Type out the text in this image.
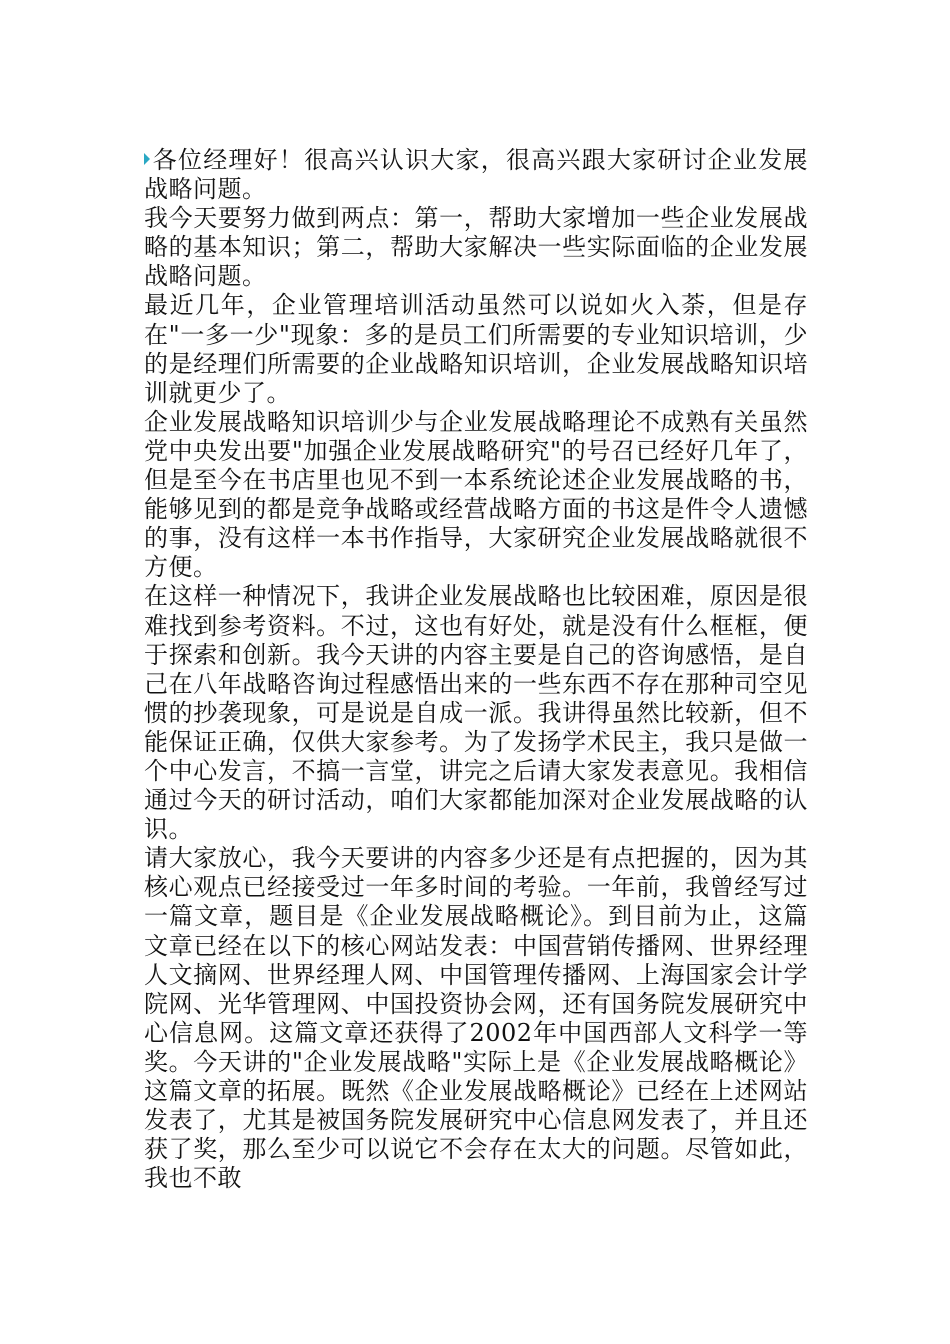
各位经理好！很高兴认识大家，很高兴跟大家研讨企业发展战略问题。

我今天要努力做到两点：第一，帮助大家增加一些企业发展战略的基本知识；第二，帮助大家解决一些实际面临的企业发展战略问题。

最近几年，企业管理培训活动虽然可以说如火入荼，但是存在"一多一少"现象：多的是员工们所需要的专业知识培训，少的是经理们所需要的企业战略知识培训，企业发展战略知识培训就更少了。

企业发展战略知识培训少与企业发展战略理论不成熟有关虽然党中央发出要"加强企业发展战略研究"的号召已经好几年了，但是至今在书店里也见不到一本系统论述企业发展战略的书，能够见到的都是竞争战略或经营战略方面的书这是件令人遗憾的事，没有这样一本书作指导，大家研究企业发展战略就很不方便。

在这样一种情况下，我讲企业发展战略也比较困难，原因是很难找到参考资料。不过，这也有好处，就是没有什么框框，便于探索和创新。我今天讲的内容主要是自己的咨询感悟，是自己在八年战略咨询过程感悟出来的一些东西不存在那种司空见惯的抄袭现象，可是说是自成一派。我讲得虽然比较新，但不能保证正确，仅供大家参考。为了发扬学术民主，我只是做一个中心发言，不搞一言堂，讲完之后请大家发表意见。我相信通过今天的研讨活动，咱们大家都能加深对企业发展战略的认识。

请大家放心，我今天要讲的内容多少还是有点把握的，因为其核心观点已经接受过一年多时间的考验。一年前，我曾经写过一篇文章，题目是《企业发展战略概论》。到目前为止，这篇文章已经在以下的核心网站发表：中国营销传播网、世界经理人文摘网、世界经理人网、中国管理传播网、上海国家会计学院网、光华管理网、中国投资协会网，还有国务院发展研究中心信息网。这篇文章还获得了2002年中国西部人文科学一等奖。今天讲的"企业发展战略"实际上是《企业发展战略概论》这篇文章的拓展。既然《企业发展战略概论》已经在上述网站发表了，尤其是被国务院发展研究中心信息网发表了，并且还获了奖，那么至少可以说它不会存在太大的问题。尽管如此，我也不敢
